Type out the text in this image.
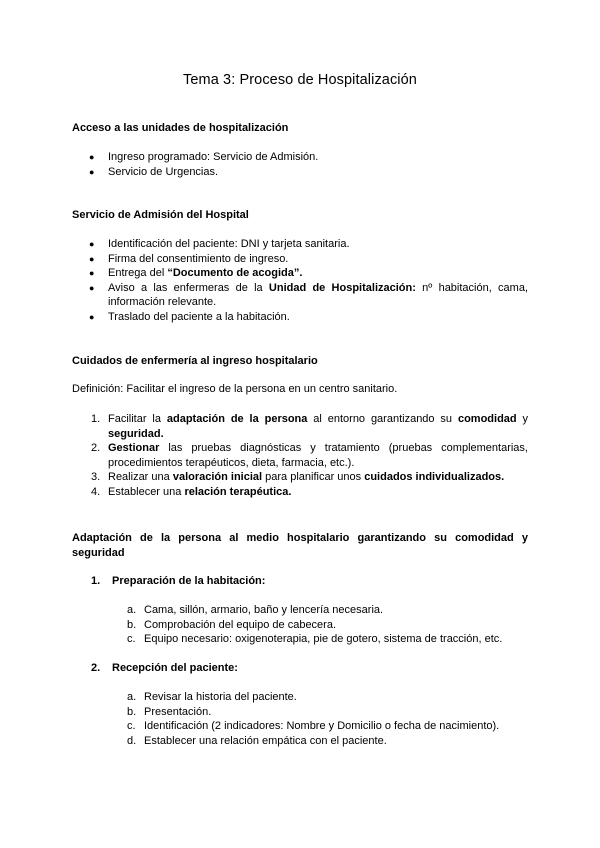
Tema 3: Proceso de Hospitalización
Acceso a las unidades de hospitalización
● Ingreso programado: Servicio de Admisión.
● Servicio de Urgencias.
Servicio de Admisión del Hospital
● Identificación del paciente: DNI y tarjeta sanitaria.
● Firma del consentimiento de ingreso.
● Entrega del “Documento de acogida”.
● Aviso a las enfermeras de la Unidad de Hospitalización: nº habitación, cama, información relevante.
● Traslado del paciente a la habitación.
Cuidados de enfermería al ingreso hospitalario
Definición: Facilitar el ingreso de la persona en un centro sanitario.
1. Facilitar la adaptación de la persona al entorno garantizando su comodidad y seguridad.
2. Gestionar las pruebas diagnósticas y tratamiento (pruebas complementarias, procedimientos terapéuticos, dieta, farmacia, etc.).
3. Realizar una valoración inicial para planificar unos cuidados individualizados.
4. Establecer una relación terapéutica.
Adaptación de la persona al medio hospitalario garantizando su comodidad y seguridad
1. Preparación de la habitación:
a. Cama, sillón, armario, baño y lencería necesaria.
b. Comprobación del equipo de cabecera.
c. Equipo necesario: oxigenoterapia, pie de gotero, sistema de tracción, etc.
2. Recepción del paciente:
a. Revisar la historia del paciente.
b. Presentación.
c. Identificación (2 indicadores: Nombre y Domicilio o fecha de nacimiento).
d. Establecer una relación empática con el paciente.
